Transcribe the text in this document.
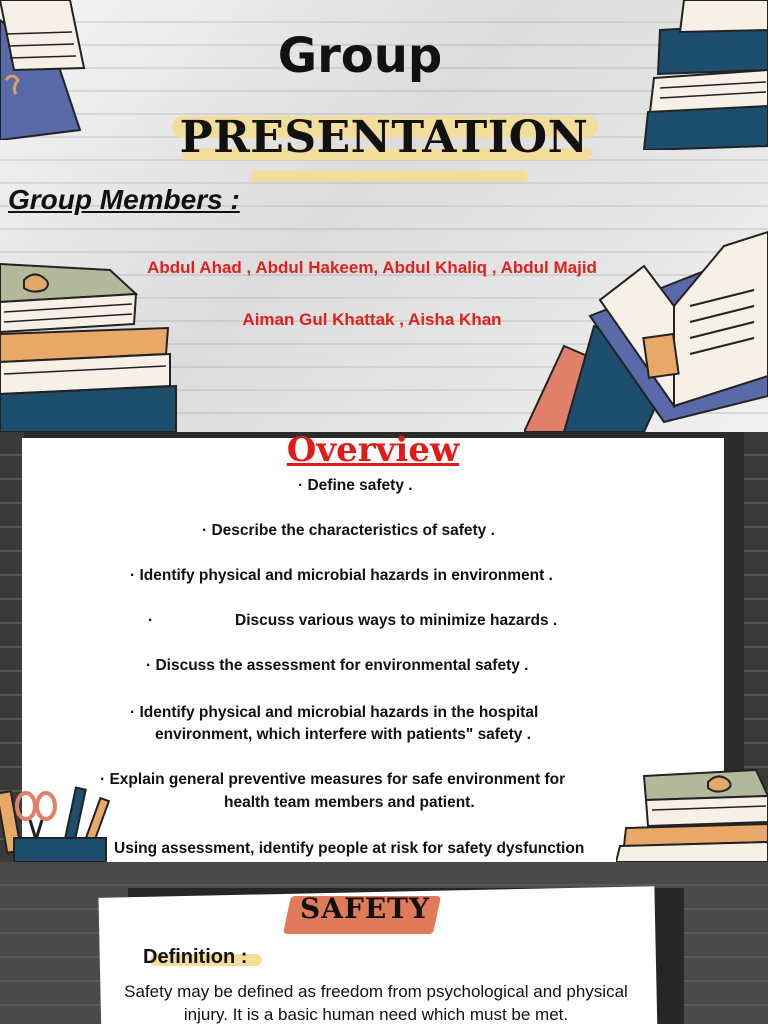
Group
PRESENTATION
Group Members :
Abdul Ahad , Abdul Hakeem, Abdul Khaliq , Abdul Majid
Aiman Gul Khattak , Aisha Khan
Overview
· Define safety .
· Describe the characteristics of safety .
· Identify physical and microbial hazards in environment .
·	Discuss various ways to minimize hazards .
· Discuss the assessment for environmental safety .
· Identify physical and microbial hazards in the hospital
environment, which interfere with patients" safety .
· Explain general preventive measures for safe environment for
health team members and patient.
Using assessment, identify people at risk for safety dysfunction
SAFETY
Definition :
Safety may be defined as freedom from psychological and physical injury. It is a basic human need which must be met.
